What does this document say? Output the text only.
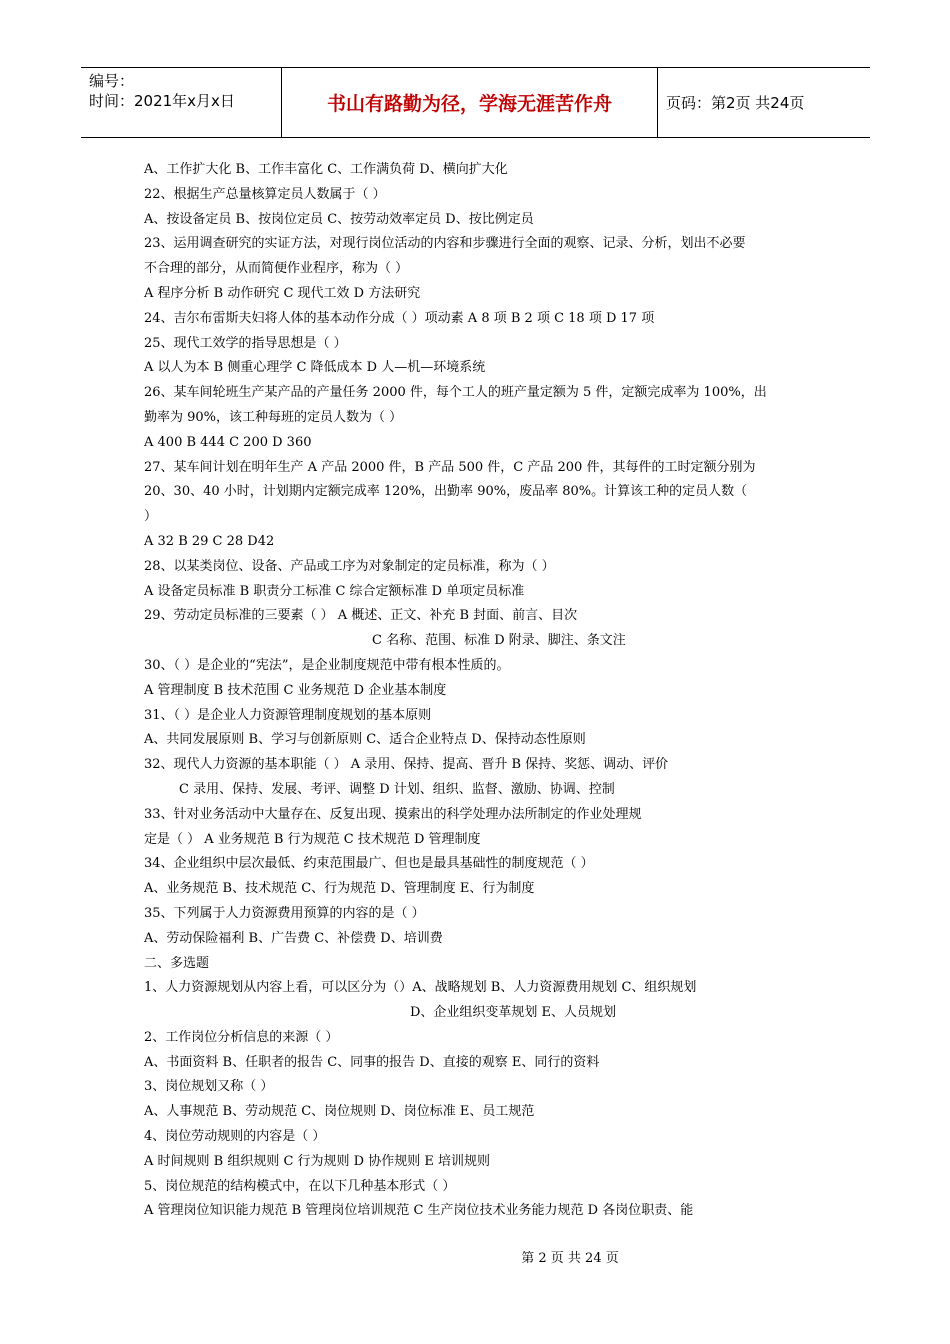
编号：
时间：2021年x月x日	书山有路勤为径，学海无涯苦作舟	页码：第2页 共24页
A、工作扩大化 B、工作丰富化 C、工作满负荷 D、横向扩大化
22、根据生产总量核算定员人数属于（ ）
A、按设备定员 B、按岗位定员 C、按劳动效率定员 D、按比例定员
23、运用调查研究的实证方法，对现行岗位活动的内容和步骤进行全面的观察、记录、分析，划出不必要
不合理的部分，从而简便作业程序，称为（ ）
A 程序分析 B 动作研究 C 现代工效 D 方法研究
24、吉尔布雷斯夫妇将人体的基本动作分成（ ）项动素 A 8 项 B 2 项 C 18 项 D 17 项
25、现代工效学的指导思想是（ ）
A 以人为本 B 侧重心理学 C 降低成本 D 人—机—环境系统
26、某车间轮班生产某产品的产量任务 2000 件，每个工人的班产量定额为 5 件，定额完成率为 100%，出
勤率为 90%，该工种每班的定员人数为（ ）
A 400 B 444 C 200 D 360
27、某车间计划在明年生产 A 产品 2000 件，B 产品 500 件，C 产品 200 件，其每件的工时定额分别为
20、30、40 小时，计划期内定额完成率 120%，出勤率 90%，废品率 80%。计算该工种的定员人数（
）
A 32 B 29 C 28 D42
28、以某类岗位、设备、产品或工序为对象制定的定员标准，称为（ ）
A 设备定员标准 B 职责分工标准 C 综合定额标准 D 单项定员标准
29、劳动定员标准的三要素（ ） A 概述、正文、补充 B 封面、前言、目次
C 名称、范围、标准 D 附录、脚注、条文注
30、（ ）是企业的“宪法”，是企业制度规范中带有根本性质的。
A 管理制度 B 技术范围 C 业务规范 D 企业基本制度
31、（ ）是企业人力资源管理制度规划的基本原则
A、共同发展原则 B、学习与创新原则 C、适合企业特点 D、保持动态性原则
32、现代人力资源的基本职能（ ） A 录用、保持、提高、晋升 B 保持、奖惩、调动、评价
C 录用、保持、发展、考评、调整 D 计划、组织、监督、激励、协调、控制
33、针对业务活动中大量存在、反复出现、摸索出的科学处理办法所制定的作业处理规
定是（ ） A 业务规范 B 行为规范 C 技术规范 D 管理制度
34、企业组织中层次最低、约束范围最广、但也是最具基础性的制度规范（ ）
A、业务规范 B、技术规范 C、行为规范 D、管理制度 E、行为制度
35、下列属于人力资源费用预算的内容的是（ ）
A、劳动保险福利 B、广告费 C、补偿费 D、培训费
二、多选题
1、人力资源规划从内容上看，可以区分为（）A、战略规划 B、人力资源费用规划 C、组织规划
D、企业组织变革规划 E、人员规划
2、工作岗位分析信息的来源（ ）
A、书面资料 B、任职者的报告 C、同事的报告 D、直接的观察 E、同行的资料
3、岗位规划又称（ ）
A、人事规范 B、劳动规范 C、岗位规则 D、岗位标准 E、员工规范
4、岗位劳动规则的内容是（ ）
A 时间规则 B 组织规则 C 行为规则 D 协作规则 E 培训规则
5、岗位规范的结构模式中，在以下几种基本形式（ ）
A 管理岗位知识能力规范 B 管理岗位培训规范 C 生产岗位技术业务能力规范 D 各岗位职责、能
第 2 页 共 24 页
